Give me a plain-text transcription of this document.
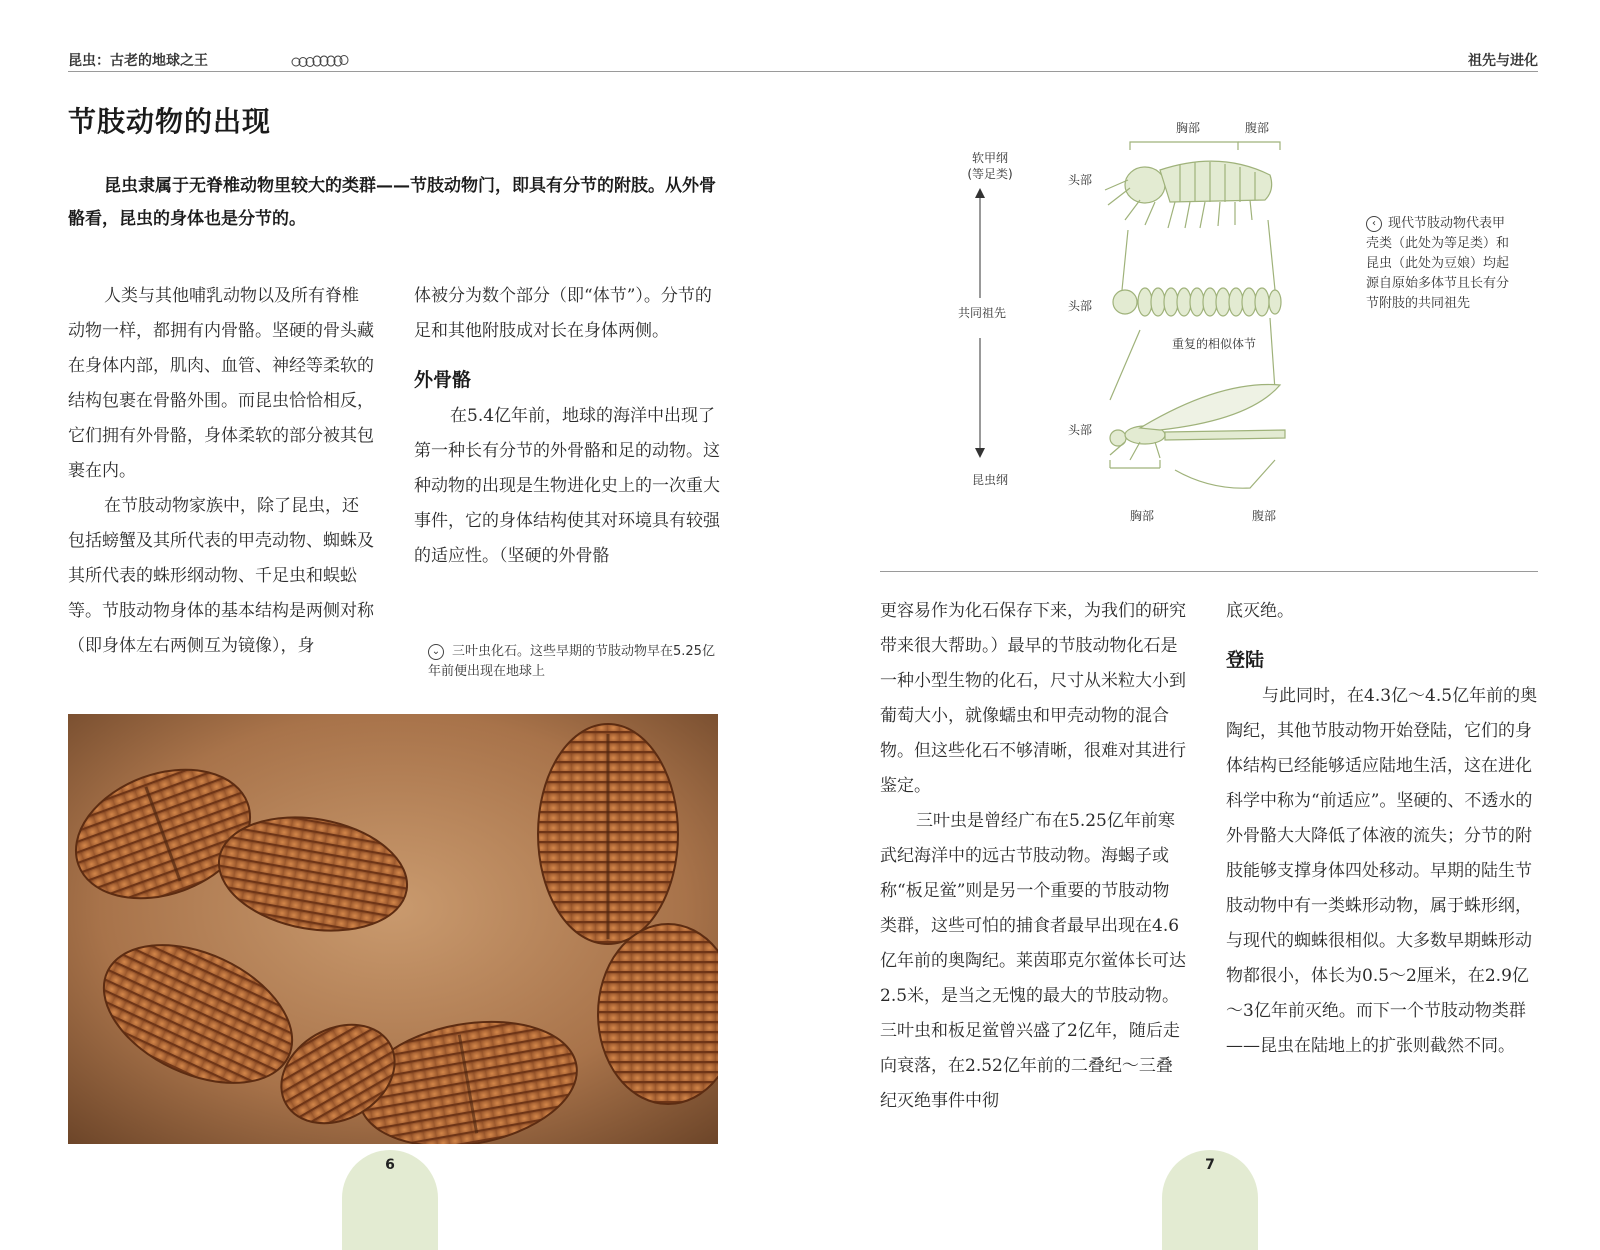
昆虫：古老的地球之王	祖先与进化
节肢动物的出现

昆虫隶属于无脊椎动物里较大的类群——节肢动物门，即具有分节的附肢。从外骨骼看，昆虫的身体也是分节的。

人类与其他哺乳动物以及所有脊椎动物一样，都拥有内骨骼。坚硬的骨头藏在身体内部，肌肉、血管、神经等柔软的结构包裹在骨骼外围。而昆虫恰恰相反，它们拥有外骨骼，身体柔软的部分被其包裹在内。

在节肢动物家族中，除了昆虫，还包括螃蟹及其所代表的甲壳动物、蜘蛛及其所代表的蛛形纲动物、千足虫和蜈蚣等。节肢动物身体的基本结构是两侧对称（即身体左右两侧互为镜像），身

体被分为数个部分（即“体节”）。分节的足和其他附肢成对长在身体两侧。

外骨骼

在5.4亿年前，地球的海洋中出现了第一种长有分节的外骨骼和足的动物。这种动物的出现是生物进化史上的一次重大事件，它的身体结构使其对环境具有较强的适应性。（坚硬的外骨骼

⌄ 三叶虫化石。这些早期的节肢动物早在5.25亿年前便出现在地球上
6
软甲纲
(等足类)
共同祖先
昆虫纲
头部
头部
头部
胸部	腹部
重复的相似体节
胸部	腹部
‹ 现代节肢动物代表甲壳类（此处为等足类）和昆虫（此处为豆娘）均起源自原始多体节且长有分节附肢的共同祖先

更容易作为化石保存下来，为我们的研究带来很大帮助。）最早的节肢动物化石是一种小型生物的化石，尺寸从米粒大小到葡萄大小，就像蠕虫和甲壳动物的混合物。但这些化石不够清晰，很难对其进行鉴定。

三叶虫是曾经广布在5.25亿年前寒武纪海洋中的远古节肢动物。海蝎子或称“板足鲎”则是另一个重要的节肢动物类群，这些可怕的捕食者最早出现在4.6亿年前的奥陶纪。莱茵耶克尔鲎体长可达2.5米，是当之无愧的最大的节肢动物。三叶虫和板足鲎曾兴盛了2亿年，随后走向衰落，在2.52亿年前的二叠纪～三叠纪灭绝事件中彻

底灭绝。

登陆

与此同时，在4.3亿～4.5亿年前的奥陶纪，其他节肢动物开始登陆，它们的身体结构已经能够适应陆地生活，这在进化科学中称为“前适应”。坚硬的、不透水的外骨骼大大降低了体液的流失；分节的附肢能够支撑身体四处移动。早期的陆生节肢动物中有一类蛛形动物，属于蛛形纲，与现代的蜘蛛很相似。大多数早期蛛形动物都很小，体长为0.5～2厘米，在2.9亿～3亿年前灭绝。而下一个节肢动物类群——昆虫在陆地上的扩张则截然不同。

7
